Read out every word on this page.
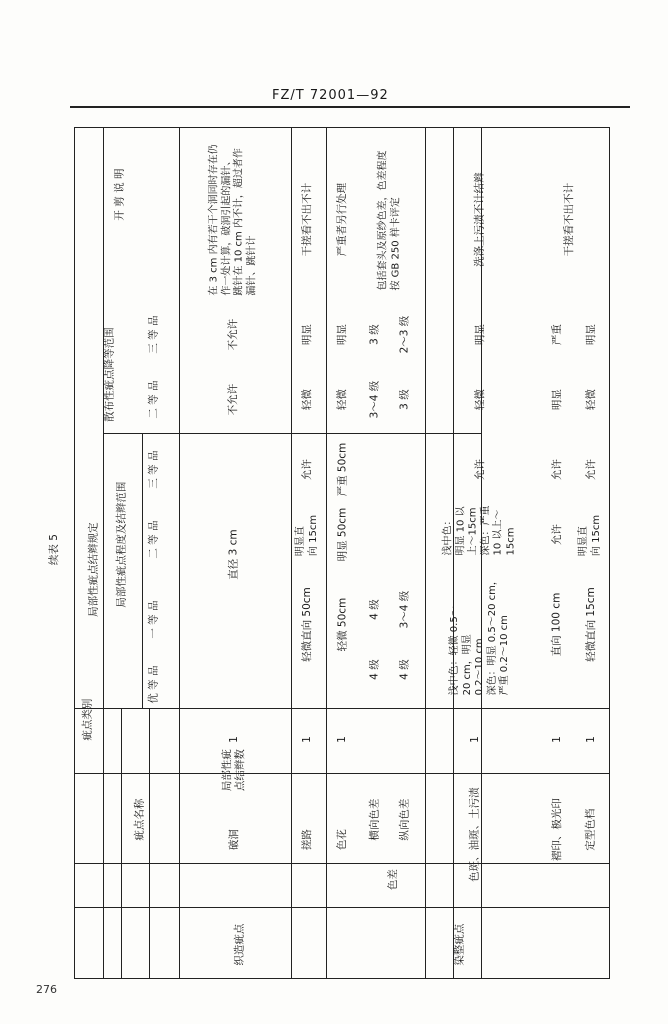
FZ/T 72001—92
续表 5
疵点类别
疵点名称
局部性疵
点结辫数
局部性疵点结辫规定 局部性疵点程度及结辫范围
优 等 品
一 等 品
二 等 品
三 等 品
散布性疵点降等范围	二 等 品
三 等 品
开 剪 说 明
织造疵点	染整疵点
破洞
1
直径 3 cm
不允许
不允许
在 3 cm 内有若干个洞同时存在仍
作一处计算，破洞引起的漏针、
跳针在 10 cm 内不计，超过者作
漏针、跳针计
搓路
1
轻微直向 50cm
明显直
向 15cm
允许
轻微
明显
干搓看不出不计
色花
1
轻微 50cm
明显 50cm
严重 50cm
轻微
明显
严重者另行处理
横向色差
4 级
4 级
3～4 级
3 级
包括套头及原纱色差，色差程度
按 GB 250 样卡评定
色差
纵向色差
4 级
3～4 级
3 级
2～3 级
色斑、油斑、土污渍
1
浅中色：轻微 0.5～
20 cm，明显
0.2～10 cm
深色：明显 0.5～20 cm，
严重 0.2～10 cm
浅中色：
明显 10 以
上～15cm
深色：严重
10 以上～
15cm
允许
轻微
明显
洗涤上污渍不计结辫
褶印、极光印
1
直向 100 cm
允许
允许
明显
严重
干搓看不出不计
定型色档
1
轻微直向 15cm
明显直
向 15cm
允许
轻微
明显
276
